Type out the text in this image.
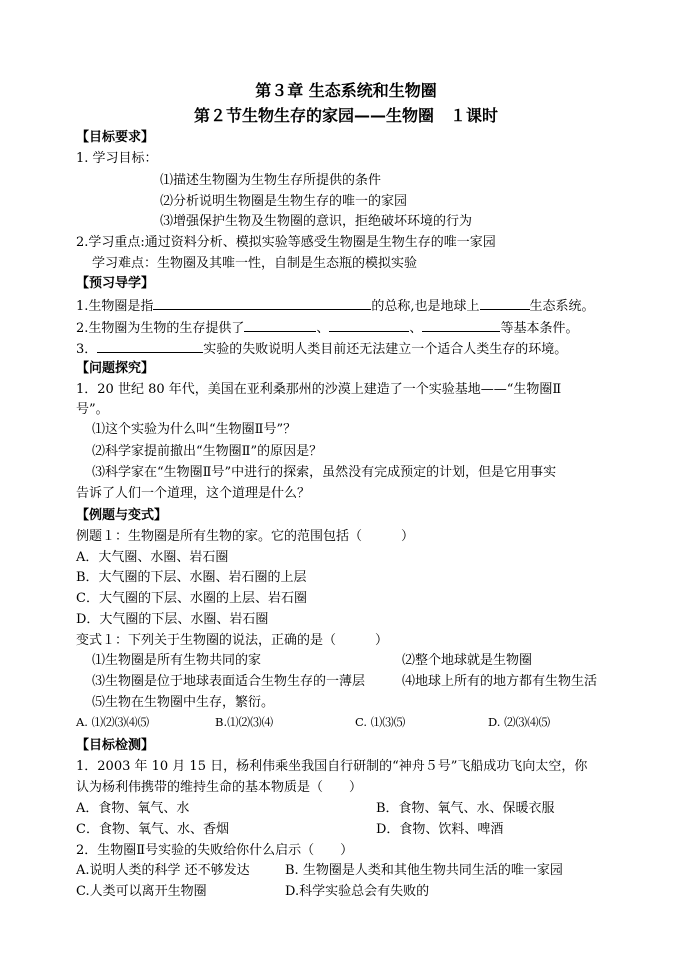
第３章 生态系统和生物圈
第２节生物生存的家园——生物圈　１课时
【目标要求】
1. 学习目标：
⑴描述生物圈为生物生存所提供的条件
⑵分析说明生物圈是生物生存的唯一的家园
⑶增强保护生物及生物圈的意识，拒绝破坏环境的行为
2.学习重点:通过资料分析、模拟实验等感受生物圈是生物生存的唯一家园
学习难点：生物圈及其唯一性，自制是生态瓶的模拟实验
【预习导学】
1.生物圈是指	的总称,也是地球上	生态系统。
2.生物圈为生物的生存提供了	、	、	等基本条件。
3．	实验的失败说明人类目前还无法建立一个适合人类生存的环境。
【问题探究】
1．20 世纪 80 年代，美国在亚利桑那州的沙漠上建造了一个实验基地——“生物圈Ⅱ
号”。
⑴这个实验为什么叫“生物圈Ⅱ号”？
⑵科学家提前撤出“生物圈Ⅱ”的原因是？
⑶科学家在“生物圈Ⅱ号”中进行的探索，虽然没有完成预定的计划，但是它用事实
告诉了人们一个道理，这个道理是什么？
【例题与变式】
例题１：生物圈是所有生物的家。它的范围包括（　　　）
A．大气圈、水圈、岩石圈
B．大气圈的下层、水圈、岩石圈的上层
C．大气圈的下层、水圈的上层、岩石圈
D．大气圈的下层、水圈、岩石圈
变式１：下列关于生物圈的说法，正确的是（　　　）
⑴生物圈是所有生物共同的家	⑵整个地球就是生物圈
⑶生物圈是位于地球表面适合生物生存的一薄层	⑷地球上所有的地方都有生物生活
⑸生物在生物圈中生存，繁衍。
A. ⑴⑵⑶⑷⑸	B.⑴⑵⑶⑷	C. ⑴⑶⑸	D. ⑵⑶⑷⑸
【目标检测】
1．2003 年 10 月 15 日，杨利伟乘坐我国自行研制的“神舟５号”飞船成功飞向太空，你
认为杨利伟携带的维持生命的基本物质是（　　）
A．食物、氧气、水	B．食物、氧气、水、保暖衣服
C．食物、氧气、水、香烟	D．食物、饮料、啤酒
2．生物圈Ⅱ号实验的失败给你什么启示（　　）
A.说明人类的科学 还不够发达	B. 生物圈是人类和其他生物共同生活的唯一家园
C.人类可以离开生物圈	D.科学实验总会有失败的
